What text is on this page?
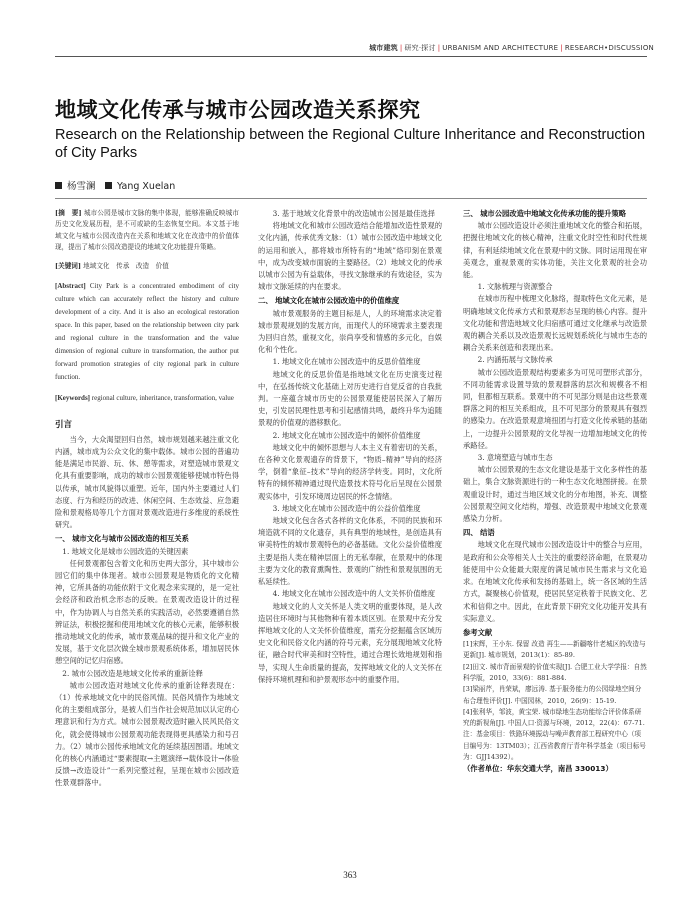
城市建筑 | 研究·探讨 | URBANISM AND ARCHITECTURE | RESEARCH•DISCUSSION
地域文化传承与城市公园改造关系探究
Research on the Relationship between the Regional Culture Inheritance and Reconstruction of City Parks
杨雪澜　 Yang Xuelan

[摘　要] 城市公园是城市文脉的集中体现，能够准确反映城市历史文化发展历程，是不可或缺的生态恢复空间。本文基于地域文化与城市公园改造内在关系和地域文化在改造中的价值体现，提出了城市公园改造提设的地域文化功能提升策略。

[关键词] 地域文化　传承　改造　价值

[Abstract] City Park is a concentrated embodiment of city culture which can accurately reflect the history and culture development of a city. And it is also an ecological restoration space. In this paper, based on the relationship between city park and regional culture in the transformation and the value dimension of regional culture in transformation, the author put forward promotion strategies of city regional park in culture function.

[Keywords] regional culture, inheritance, transformation, value

引言

当今，大众渴望回归自然，城市规划越来越注重文化内涵，城市成为公众文化的集中载体。城市公园的普遍功能是满足市民游、玩、休、憩等需求，对塑造城市景观文化具有重要影响，成功的城市公园景观能够使城市特色得以传承，城市风貌得以重塑。近年，国内外主要通过人们态度、行为和经历的改进、休闲空间、生态效益、应急避险和景观格局等几个方面对景观改造进行多维度的系统性研究。

一、 城市文化与城市公园改造的相互关系

1. 地域文化是城市公园改造的关键因素

任何景观都包含着文化和历史两大部分，其中城市公园它们的集中体现者。城市公园景观是物质化的文化精神，它所具备的功能依附于文化观念来实现的，是一定社会经济和政治机念形态的反映。在景观改造设计的过程中，作为协调人与自然关系的实践活动，必然要遵循自然辨证法，积极挖掘和使用地域文化的核心元素，能够积极推动地域文化的传承，城市景观品味的提升和文化产业的发展，基于文化层次做全城市景观系统体系，增加居民休憩空间的记忆归宿感。

2. 城市公园改造是地域文化传承的重新诠释

城市公园改造对地域文化传承的重新诠释表现在：（1）传承地域文化中的民俗风情。民俗风情作为地域文化的主要组成部分，是被人们当作社会规范加以认定的心理意识和行为方式。城市公园景观改造时融入民风民俗文化，就会使得城市公园景观功能表现得更具感染力和号召力。（2）城市公园传承地域文化的延续基因图谱。地域文化的核心内涵通过“要素提取→主题演绎→载体设计→体验反馈→改造设计”一系列完整过程，呈现在城市公园改造性景观群落中。

3. 基于地域文化背景中的改造城市公园是最佳选择

将地域文化和城市公园改造结合能增加改造性景观的文化内涵，传承优秀文脉：（1）城市公园改造中地域文化的运用和嵌入，都将城市所特有的“地域”烙印刻在景观中，成为改变城市面貌的主要路径。（2）地域文化的传承以城市公园为有益载体，寻找文脉继承的有效途径，实为城市文脉延续的内在要求。

二、 地域文化在城市公园改造中的价值维度

城市景观服务的主题目标是人，人的环境需求决定着城市景观规划的发展方向，而现代人的环境需求主要表现为回归自然，重视文化，崇尚享受和情感的多元化，自娱化和个性化。

1. 地域文化在城市公园改造中的反思价值维度

地域文化的反思价值是指地域文化在历史演变过程中，在弘扬传统文化基础上对历史进行自觉反省的自我批判。一座蕴含城市历史的公园景观能使居民深入了解历史，引发居民理性思考和引起感情共鸣，最终升华为追随景观的价值观的潜移默化。

2. 地域文化在城市公园改造中的倾怀价值维度

地域文化中的倾怀思想与人本主义有着密切的关系，在各种文化景观遗存的背景下，“物质–精神”导向的经济学，倒着“象征–技术”导向的经济学转变。同时，文化所特有的倾怀精神通过现代造景技术符号化后呈现在公园景观实体中，引发环境周边居民的怀念情绪。

3. 地域文化在城市公园改造中的公益价值维度

地域文化包含各式各样的文化体系，不同的民族和环境造就不同的文化遗存，具有典型的地域性，是创造具有审美特性的城市景观特色的必备基础。文化公益价值维度主要是指人类在精神层面上的无私奉献，在景观中的体现主要为文化的教育熏陶性、景观的广纳性和景观氛围的无私延续性。

4. 地域文化在城市公园改造中的人文关怀价值维度

地域文化的人文关怀是人类文明的重要体现，是人改造居住环境时与其他物种有着本质区别。在景观中充分发挥地域文化的人文关怀价值维度，需充分挖掘蕴含区域历史文化和民俗文化内涵的符号元素，充分展现地域文化特征，融合时代审美和时空特性，通过合理长效地规划和指导，实现人生命质量的提高，发挥地域文化的人文关怀在保持环境机理和和护景观形态中的重要作用。

三、 城市公园改造中地域文化传承功能的提升策略

城市公园改造设计必须注重地域文化的整合和拓展，把握住地域文化的核心精神，注重文化时空性和时代性规律，有利延续地域文化在景观中的文脉。同时运用现在审美观念，重视景观的实体功能，关注文化景观的社会功能。

1. 文脉梳理与资源整合

在城市历程中梳理文化脉络，提取特色文化元素，是明确地域文化传承方式和景观形态呈现的核心内容。提升文化功能和营造地域文化归宿感可通过文化继承与改造景观的耦合关系以及改造景观长远规划系统化与城市生态的耦合关系来创造和表现出来。

2. 内涵拓展与文脉传承

城市公园改造景观结构要素多为可见可塑形式部分，不同功能需求设置导致的景观群落的层次和规模各不相同，但都相互联系。景观中的不可见部分则是由这些景观群落之间的相互关系组成，且不可见部分的景观具有强烈的感染力。在改造景观意境扭团与打造文化传承链的基础上，一边提升公园景观的文化导视一边增加地域文化的传承路径。

3. 意境塑造与城市生态

城市公园景观的生态文化建设是基于文化多样性的基础上，集合文脉资源进行的一种生态文化地图拼接。在景观重设计时，通过当地区域文化的分布地图，补充、调整公园景观空间文化结构，增强、改造景观中地域文化景观感染力分析。

四、 结语

地域文化在现代城市公园改造设计中的整合与应用，是政府和公众等相关人士关注的重要经济命题，在景观功能使用中公众能最大限度的满足城市民生需求与文化追求。在地域文化传承和发扬的基础上，统一各区域的生活方式，凝聚核心价值观，使居民坚定秩着于民族文化、艺术和信仰之中。因此，在此背景下研究文化功能开发具有实际意义。

参考文献

[1]宋辉，王小东. 保留 改造 再生——新疆喀什老城区的改造与更新[J]. 城市规划，2013(1)：85-89.

[2]田文. 城市背面景观的价值实现[J]. 合肥工业大学学报：自然科学版，2010，33(6)：881-884.

[3]梁丽芹，肖荣斌，廖远涛. 基于服务能力的公园绿地空间分布合理性评价[J]. 中国园林，2010，26(9)：15-19.

[4]张利华，邹波，黄宝荣. 城市绿地生态功能综合评价体系研究的新视角[J]. 中国人口·资源与环境，2012，22(4)：67-71.

注：基金项目：铁路环境振动与噪声教育部工程研究中心（项目编号为：13TM03）；江西省教育厅青年科学基金（项目标号为：GJJ14392）。

（作者单位：华东交通大学，南昌 330013）

363
